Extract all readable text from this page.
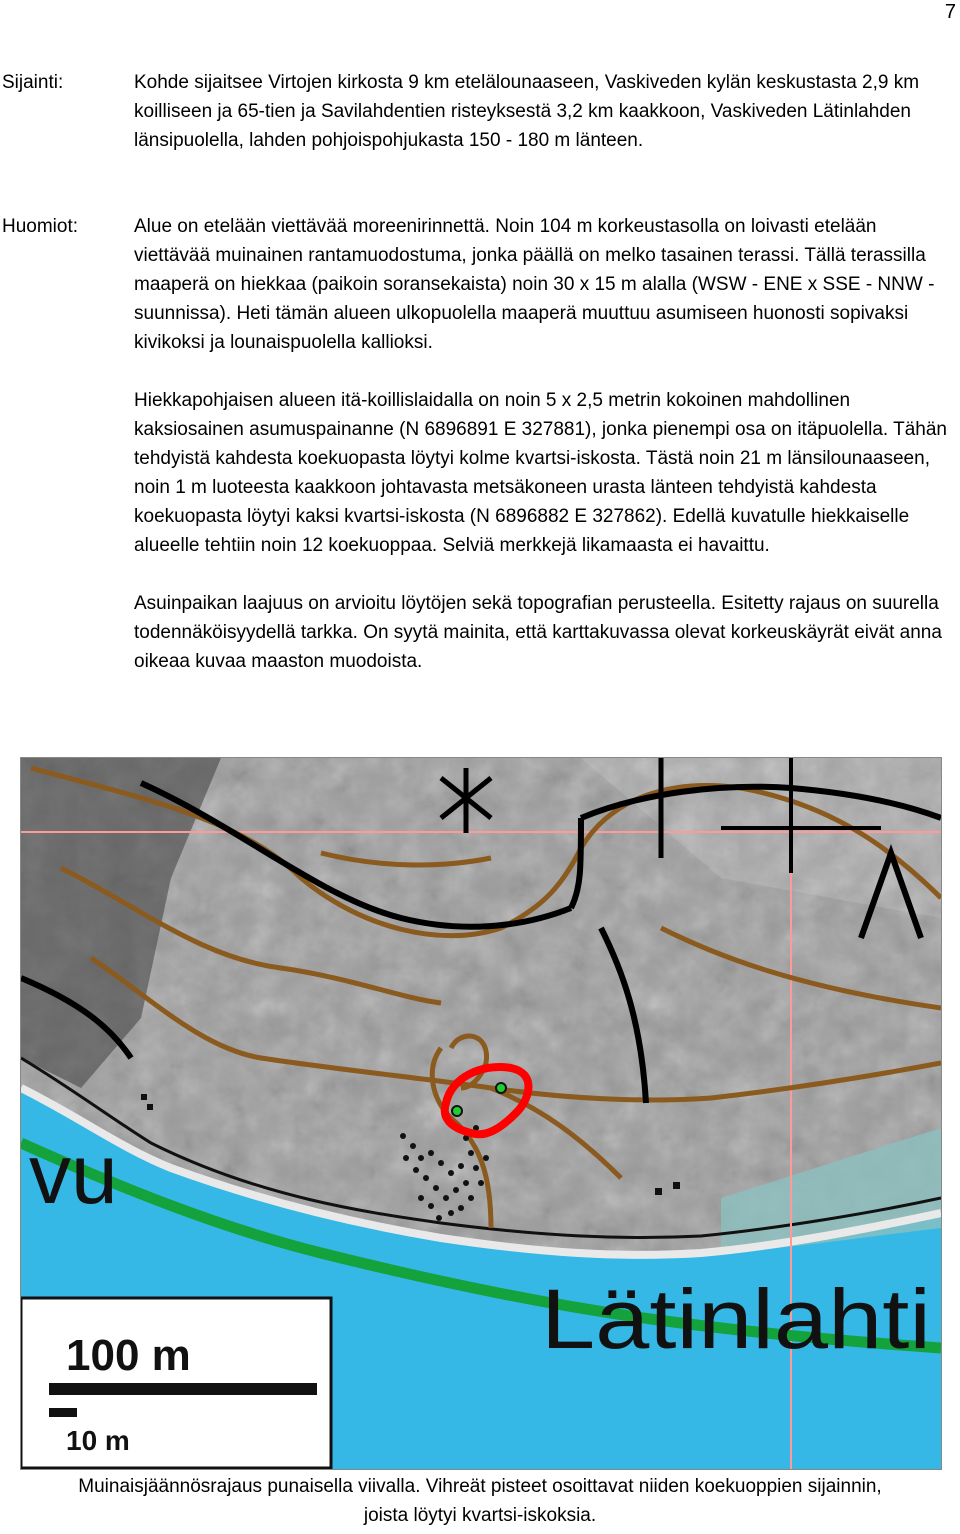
7
Sijainti:	Kohde sijaitsee Virtojen kirkosta 9 km etelälounaaseen, Vaskiveden kylän keskustasta 2,9 km koilliseen ja 65-tien ja Savilahdentien risteyksestä 3,2 km kaakkoon, Vaskiveden Lätinlahden länsipuolella, lahden pohjoispohjukasta 150 - 180 m länteen.

Huomiot:	Alue on etelään viettävää moreenirinnettä. Noin 104 m korkeustasolla on loivasti etelään viettävää muinainen rantamuodostuma, jonka päällä on melko tasainen terassi. Tällä terassilla maaperä on hiekkaa (paikoin soransekaista) noin 30 x 15 m alalla (WSW - ENE x SSE - NNW -suunnissa). Heti tämän alueen ulkopuolella maaperä muuttuu asumiseen huonosti sopivaksi kivikoksi ja lounaispuolella kallioksi.

Hiekkapohjaisen alueen itä-koillislaidalla on noin 5 x 2,5 metrin kokoinen mahdollinen kaksiosainen asumuspainanne (N 6896891 E 327881), jonka pienempi osa on itäpuolella. Tähän tehdyistä kahdesta koekuopasta löytyi kolme kvartsi-iskosta. Tästä noin 21 m länsilounaaseen, noin 1 m luoteesta kaakkoon johtavasta metsäkoneen urasta länteen tehdyistä kahdesta koekuopasta löytyi kaksi kvartsi-iskosta (N 6896882 E 327862). Edellä kuvatulle hiekkaiselle alueelle tehtiin noin 12 koekuoppaa. Selviä merkkejä likamaasta ei havaittu.

Asuinpaikan laajuus on arvioitu löytöjen sekä topografian perusteella. Esitetty rajaus on suurella todennäköisyydellä tarkka. On syytä mainita, että karttakuvassa olevat korkeuskäyrät eivät anna oikeaa kuvaa maaston muodoista.

Lätinlahti
vu
100 m
10 m
Muinaisjäännösrajaus punaisella viivalla. Vihreät pisteet osoittavat niiden koekuoppien sijainnin,
joista löytyi kvartsi-iskoksia.
